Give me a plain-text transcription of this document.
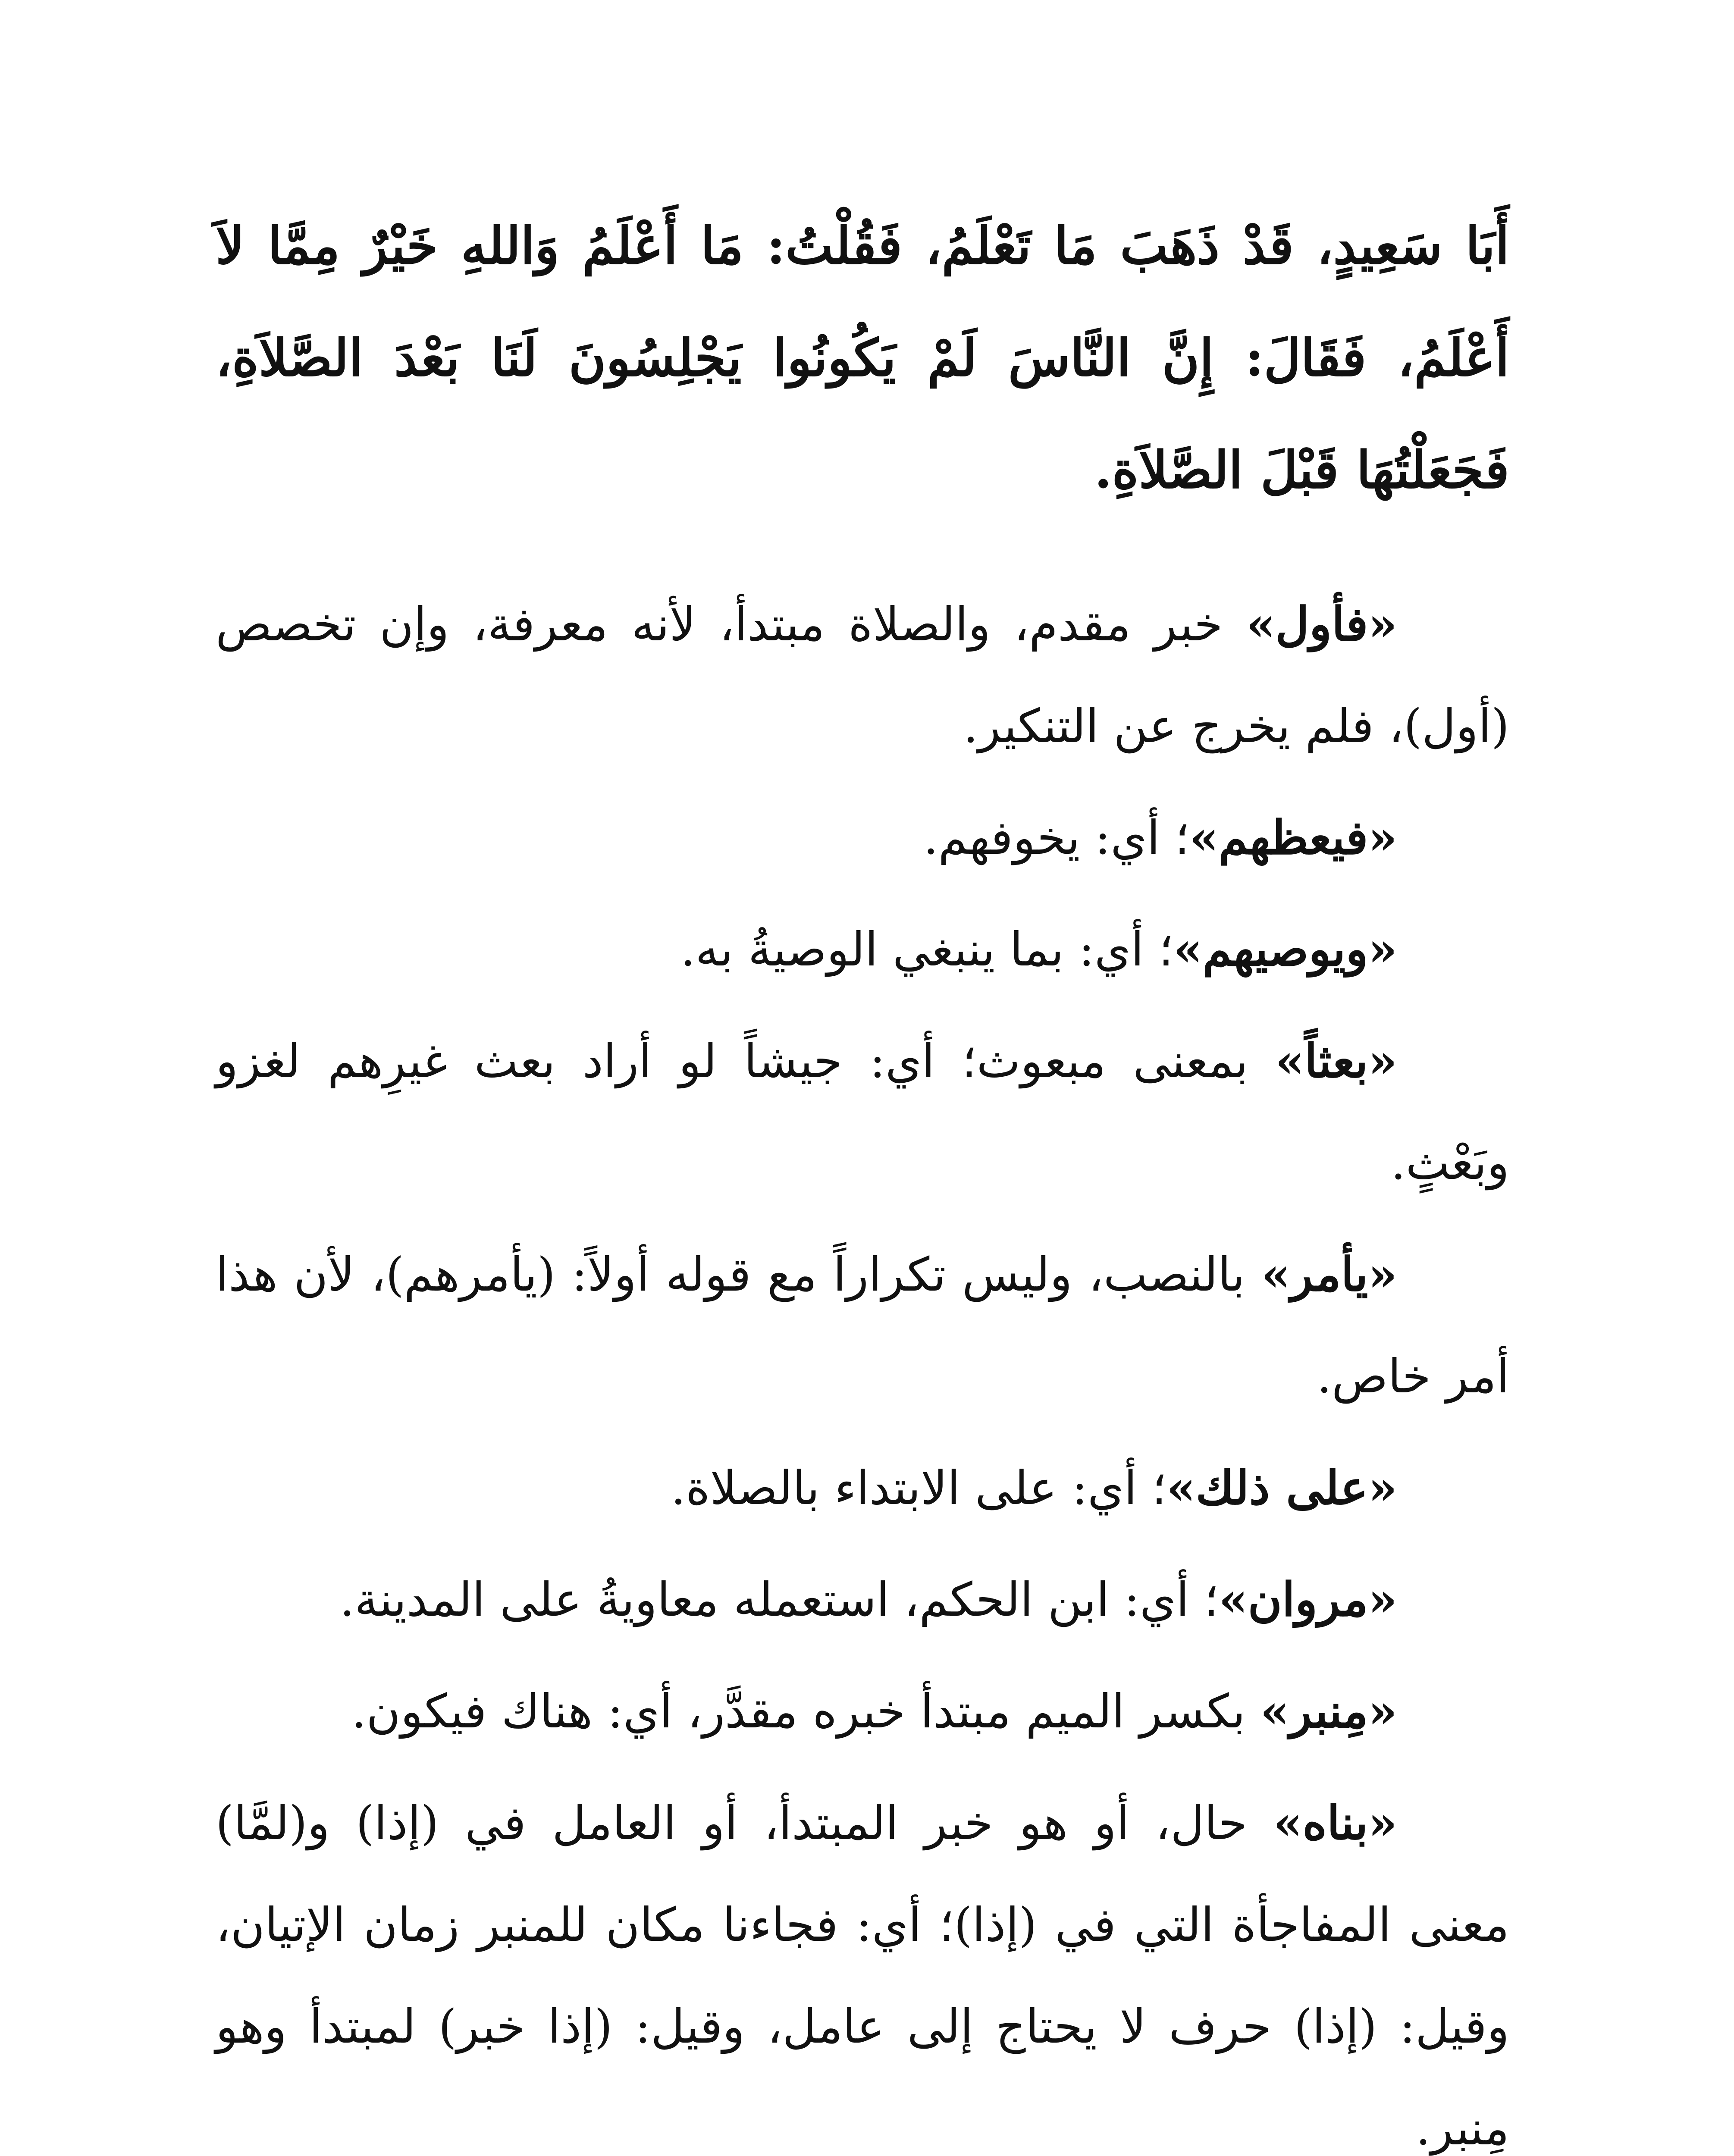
أَبَا سَعِيدٍ، قَدْ ذَهَبَ مَا تَعْلَمُ، فَقُلْتُ: مَا أَعْلَمُ وَاللهِ خَيْرٌ مِمَّا لاَ أَعْلَمُ، فَقَالَ: إِنَّ النَّاسَ لَمْ يَكُونُوا يَجْلِسُونَ لَنَا بَعْدَ الصَّلاَةِ، فَجَعَلْتُهَا قَبْلَ الصَّلاَةِ.

«فأول» خبر مقدم، والصلاة مبتدأ، لأنه معرفة، وإن تخصص (أول)، فلم يخرج عن التنكير.

«فيعظهم»؛ أي: يخوفهم.

«ويوصيهم»؛ أي: بما ينبغي الوصيةُ به.

«بعثاً» بمعنى مبعوث؛ أي: جيشاً لو أراد بعث غيرِهم لغزو وبَعْثٍ.

«يأمر» بالنصب، وليس تكراراً مع قوله أولاً: (يأمرهم)، لأن هذا أمر خاص.

«على ذلك»؛ أي: على الابتداء بالصلاة.

«مروان»؛ أي: ابن الحكم، استعمله معاويةُ على المدينة.

«مِنبر» بكسر الميم مبتدأ خبره مقدَّر، أي: هناك فيكون.

«بناه» حال، أو هو خبر المبتدأ، أو العامل في (إذا) و(لمَّا) معنى المفاجأة التي في (إذا)؛ أي: فجاءنا مكان للمنبر زمان الإتيان، وقيل: (إذا) حرف لا يحتاج إلى عامل، وقيل: (إذا خبر) لمبتدأ وهو مِنبر.
